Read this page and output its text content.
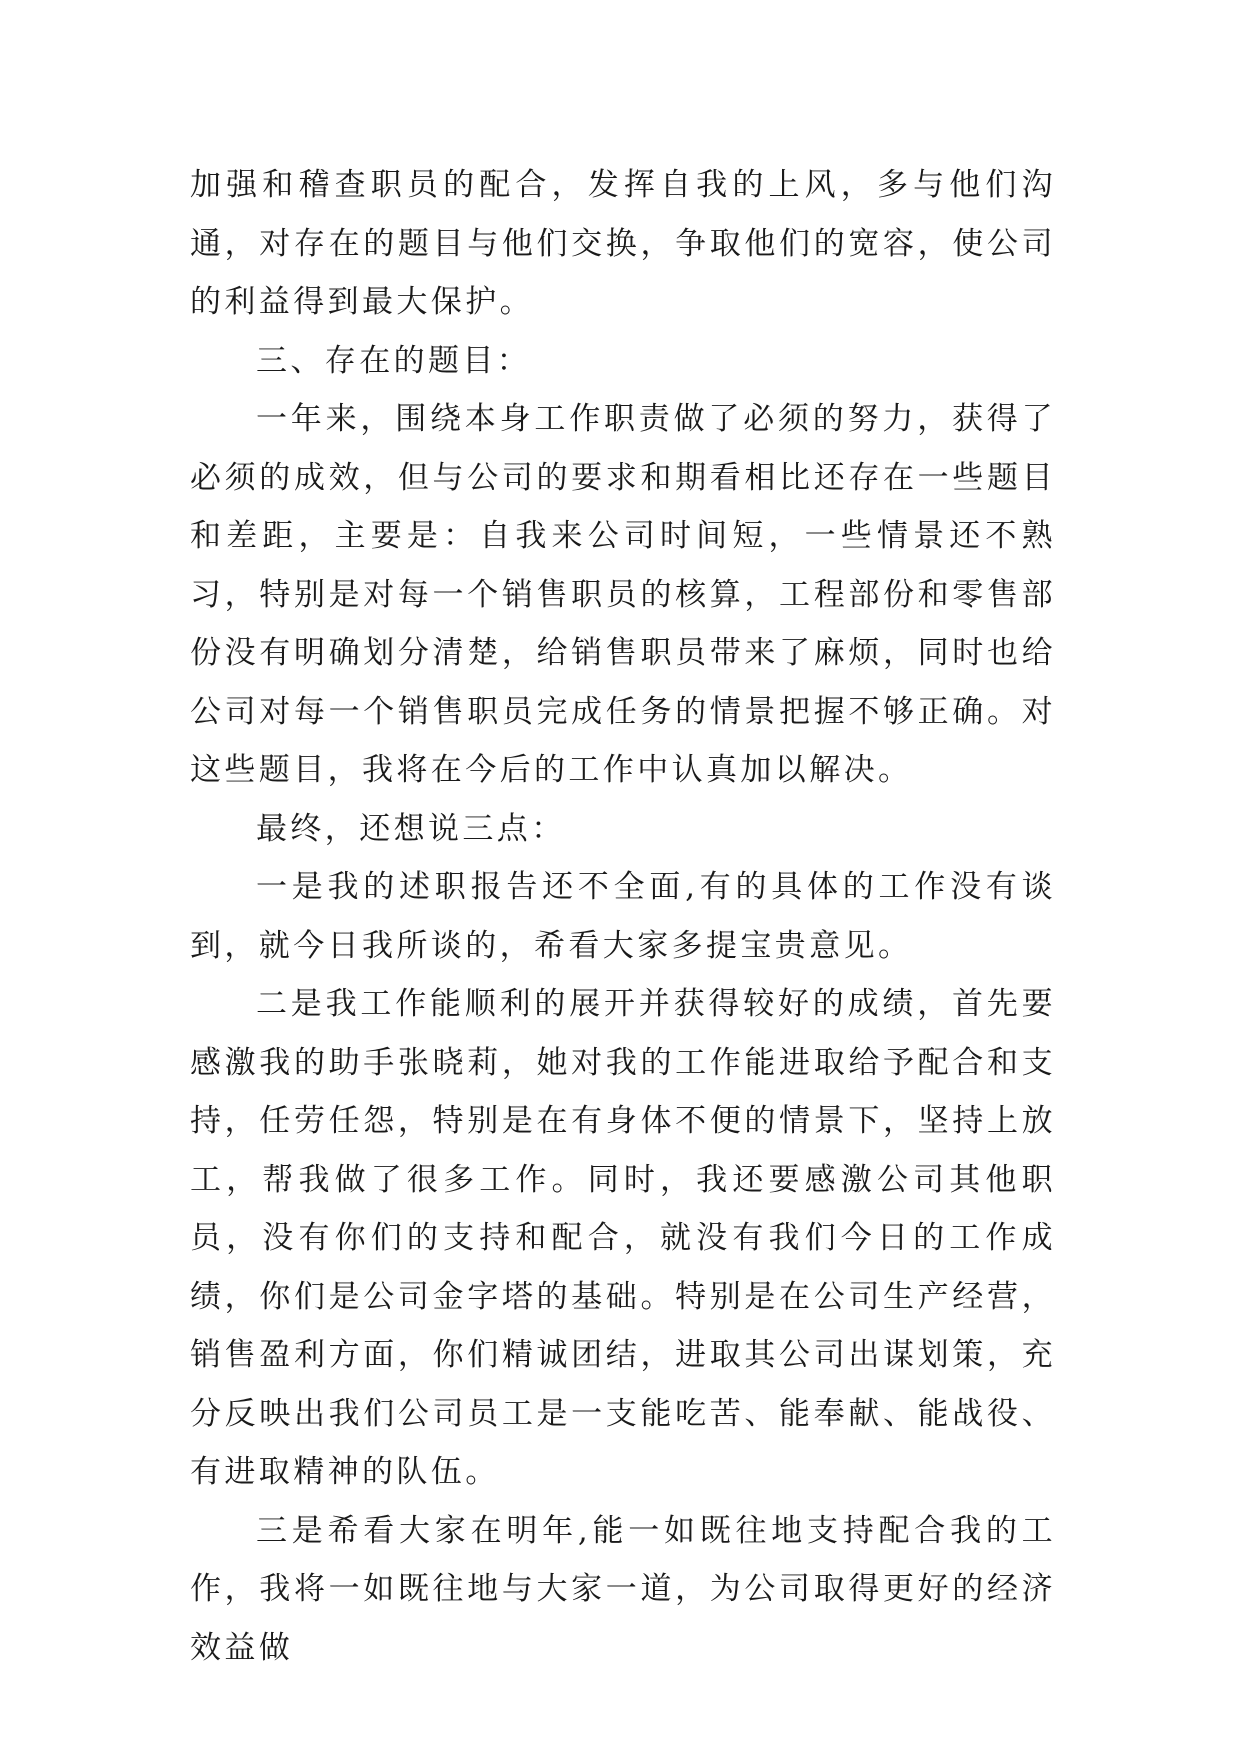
加强和稽查职员的配合，发挥自我的上风，多与他们沟通，对存在的题目与他们交换，争取他们的宽容，使公司的利益得到最大保护。

三、存在的题目：

一年来，围绕本身工作职责做了必须的努力，获得了必须的成效，但与公司的要求和期看相比还存在一些题目和差距，主要是：自我来公司时间短，一些情景还不熟习，特别是对每一个销售职员的核算，工程部份和零售部份没有明确划分清楚，给销售职员带来了麻烦，同时也给公司对每一个销售职员完成任务的情景把握不够正确。对这些题目，我将在今后的工作中认真加以解决。

最终，还想说三点：

一是我的述职报告还不全面,有的具体的工作没有谈到，就今日我所谈的，希看大家多提宝贵意见。

二是我工作能顺利的展开并获得较好的成绩，首先要感激我的助手张晓莉，她对我的工作能进取给予配合和支持，任劳任怨，特别是在有身体不便的情景下，坚持上放工，帮我做了很多工作。同时，我还要感激公司其他职员，没有你们的支持和配合，就没有我们今日的工作成绩，你们是公司金字塔的基础。特别是在公司生产经营，销售盈利方面，你们精诚团结，进取其公司出谋划策，充分反映出我们公司员工是一支能吃苦、能奉献、能战役、有进取精神的队伍。

三是希看大家在明年,能一如既往地支持配合我的工作，我将一如既往地与大家一道，为公司取得更好的经济效益做
